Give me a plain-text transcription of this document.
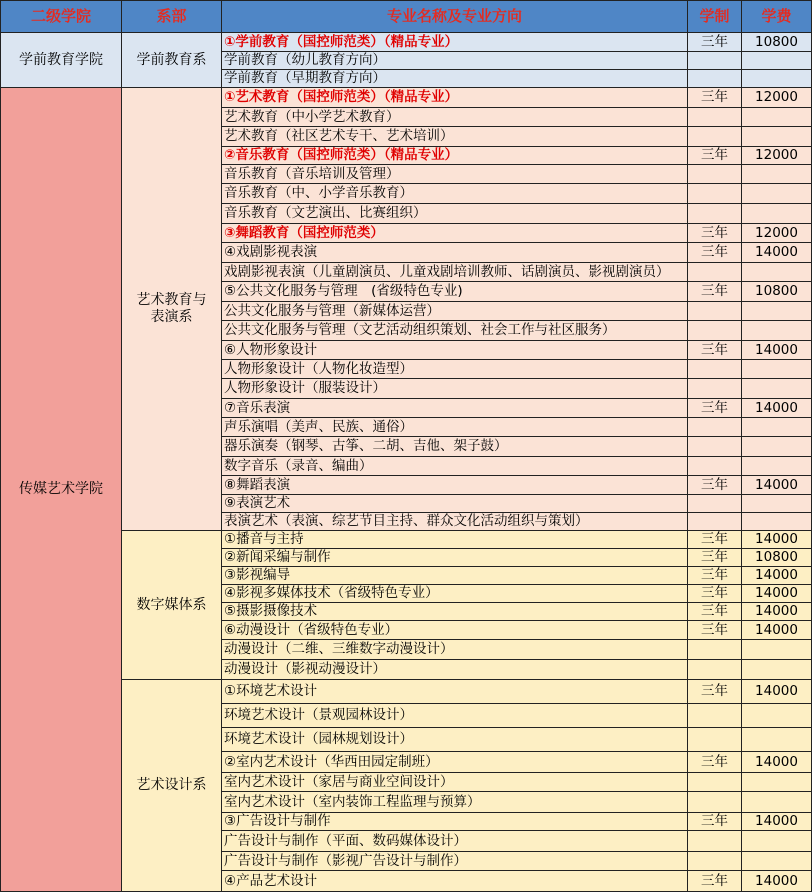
二级学院	系部	专业名称及专业方向	学制	学费
学前教育学院	学前教育系	①学前教育（国控师范类）（精品专业）	三年	10800
		学前教育（幼儿教育方向）		
		学前教育（早期教育方向）		
传媒艺术学院	艺术教育与表演系	①艺术教育（国控师范类）（精品专业）	三年	12000
		艺术教育（中小学艺术教育）		
		艺术教育（社区艺术专干、艺术培训）		
		②音乐教育（国控师范类）（精品专业）	三年	12000
		音乐教育（音乐培训及管理）		
		音乐教育（中、小学音乐教育）		
		音乐教育（文艺演出、比赛组织）		
		③舞蹈教育（国控师范类）	三年	12000
		④戏剧影视表演	三年	14000
		戏剧影视表演（儿童剧演员、儿童戏剧培训教师、话剧演员、影视剧演员）		
		⑤公共文化服务与管理　(省级特色专业)	三年	10800
		公共文化服务与管理（新媒体运营）		
		公共文化服务与管理（文艺活动组织策划、社会工作与社区服务）		
		⑥人物形象设计	三年	14000
		人物形象设计（人物化妆造型）		
		人物形象设计（服装设计）		
		⑦音乐表演	三年	14000
		声乐演唱（美声、民族、通俗）		
		器乐演奏（钢琴、古筝、二胡、吉他、架子鼓）		
		数字音乐（录音、编曲）		
		⑧舞蹈表演	三年	14000
		⑨表演艺术		
		表演艺术（表演、综艺节目主持、群众文化活动组织与策划）		
	数字媒体系	①播音与主持	三年	14000
		②新闻采编与制作	三年	10800
		③影视编导	三年	14000
		④影视多媒体技术（省级特色专业）	三年	14000
		⑤摄影摄像技术	三年	14000
		⑥动漫设计（省级特色专业）	三年	14000
		动漫设计（二维、三维数字动漫设计）		
		动漫设计（影视动漫设计）		
	艺术设计系	①环境艺术设计	三年	14000
		环境艺术设计（景观园林设计）		
		环境艺术设计（园林规划设计）		
		②室内艺术设计（华西田园定制班）	三年	14000
		室内艺术设计（家居与商业空间设计）		
		室内艺术设计（室内装饰工程监理与预算）		
		③广告设计与制作	三年	14000
		广告设计与制作（平面、数码媒体设计）		
		广告设计与制作（影视广告设计与制作）		
		④产品艺术设计	三年	14000
